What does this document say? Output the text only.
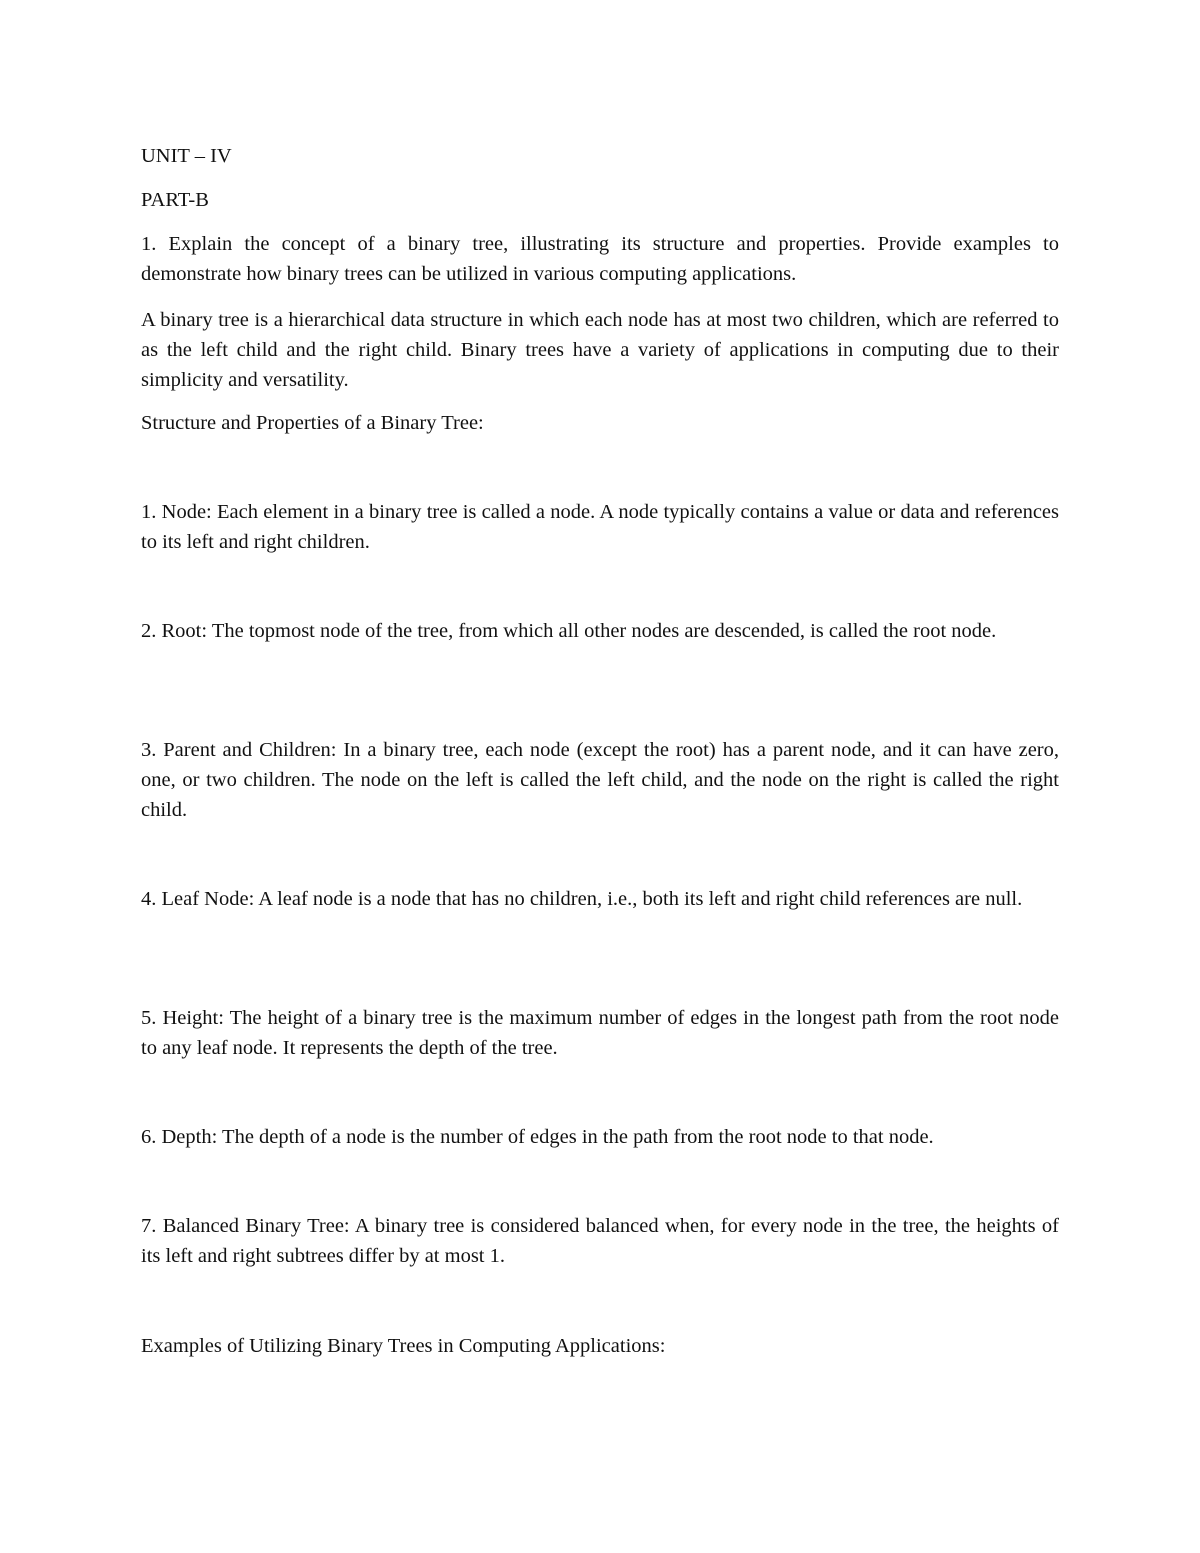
UNIT – IV

PART-B

1. Explain the concept of a binary tree, illustrating its structure and properties. Provide examples to demonstrate how binary trees can be utilized in various computing applications.

A binary tree is a hierarchical data structure in which each node has at most two children, which are referred to as the left child and the right child. Binary trees have a variety of applications in computing due to their simplicity and versatility.

Structure and Properties of a Binary Tree:

1. Node: Each element in a binary tree is called a node. A node typically contains a value or data and references to its left and right children.

2. Root: The topmost node of the tree, from which all other nodes are descended, is called the root node.

3. Parent and Children: In a binary tree, each node (except the root) has a parent node, and it can have zero, one, or two children. The node on the left is called the left child, and the node on the right is called the right child.

4. Leaf Node: A leaf node is a node that has no children, i.e., both its left and right child references are null.

5. Height: The height of a binary tree is the maximum number of edges in the longest path from the root node to any leaf node. It represents the depth of the tree.

6. Depth: The depth of a node is the number of edges in the path from the root node to that node.

7. Balanced Binary Tree: A binary tree is considered balanced when, for every node in the tree, the heights of its left and right subtrees differ by at most 1.

Examples of Utilizing Binary Trees in Computing Applications:
